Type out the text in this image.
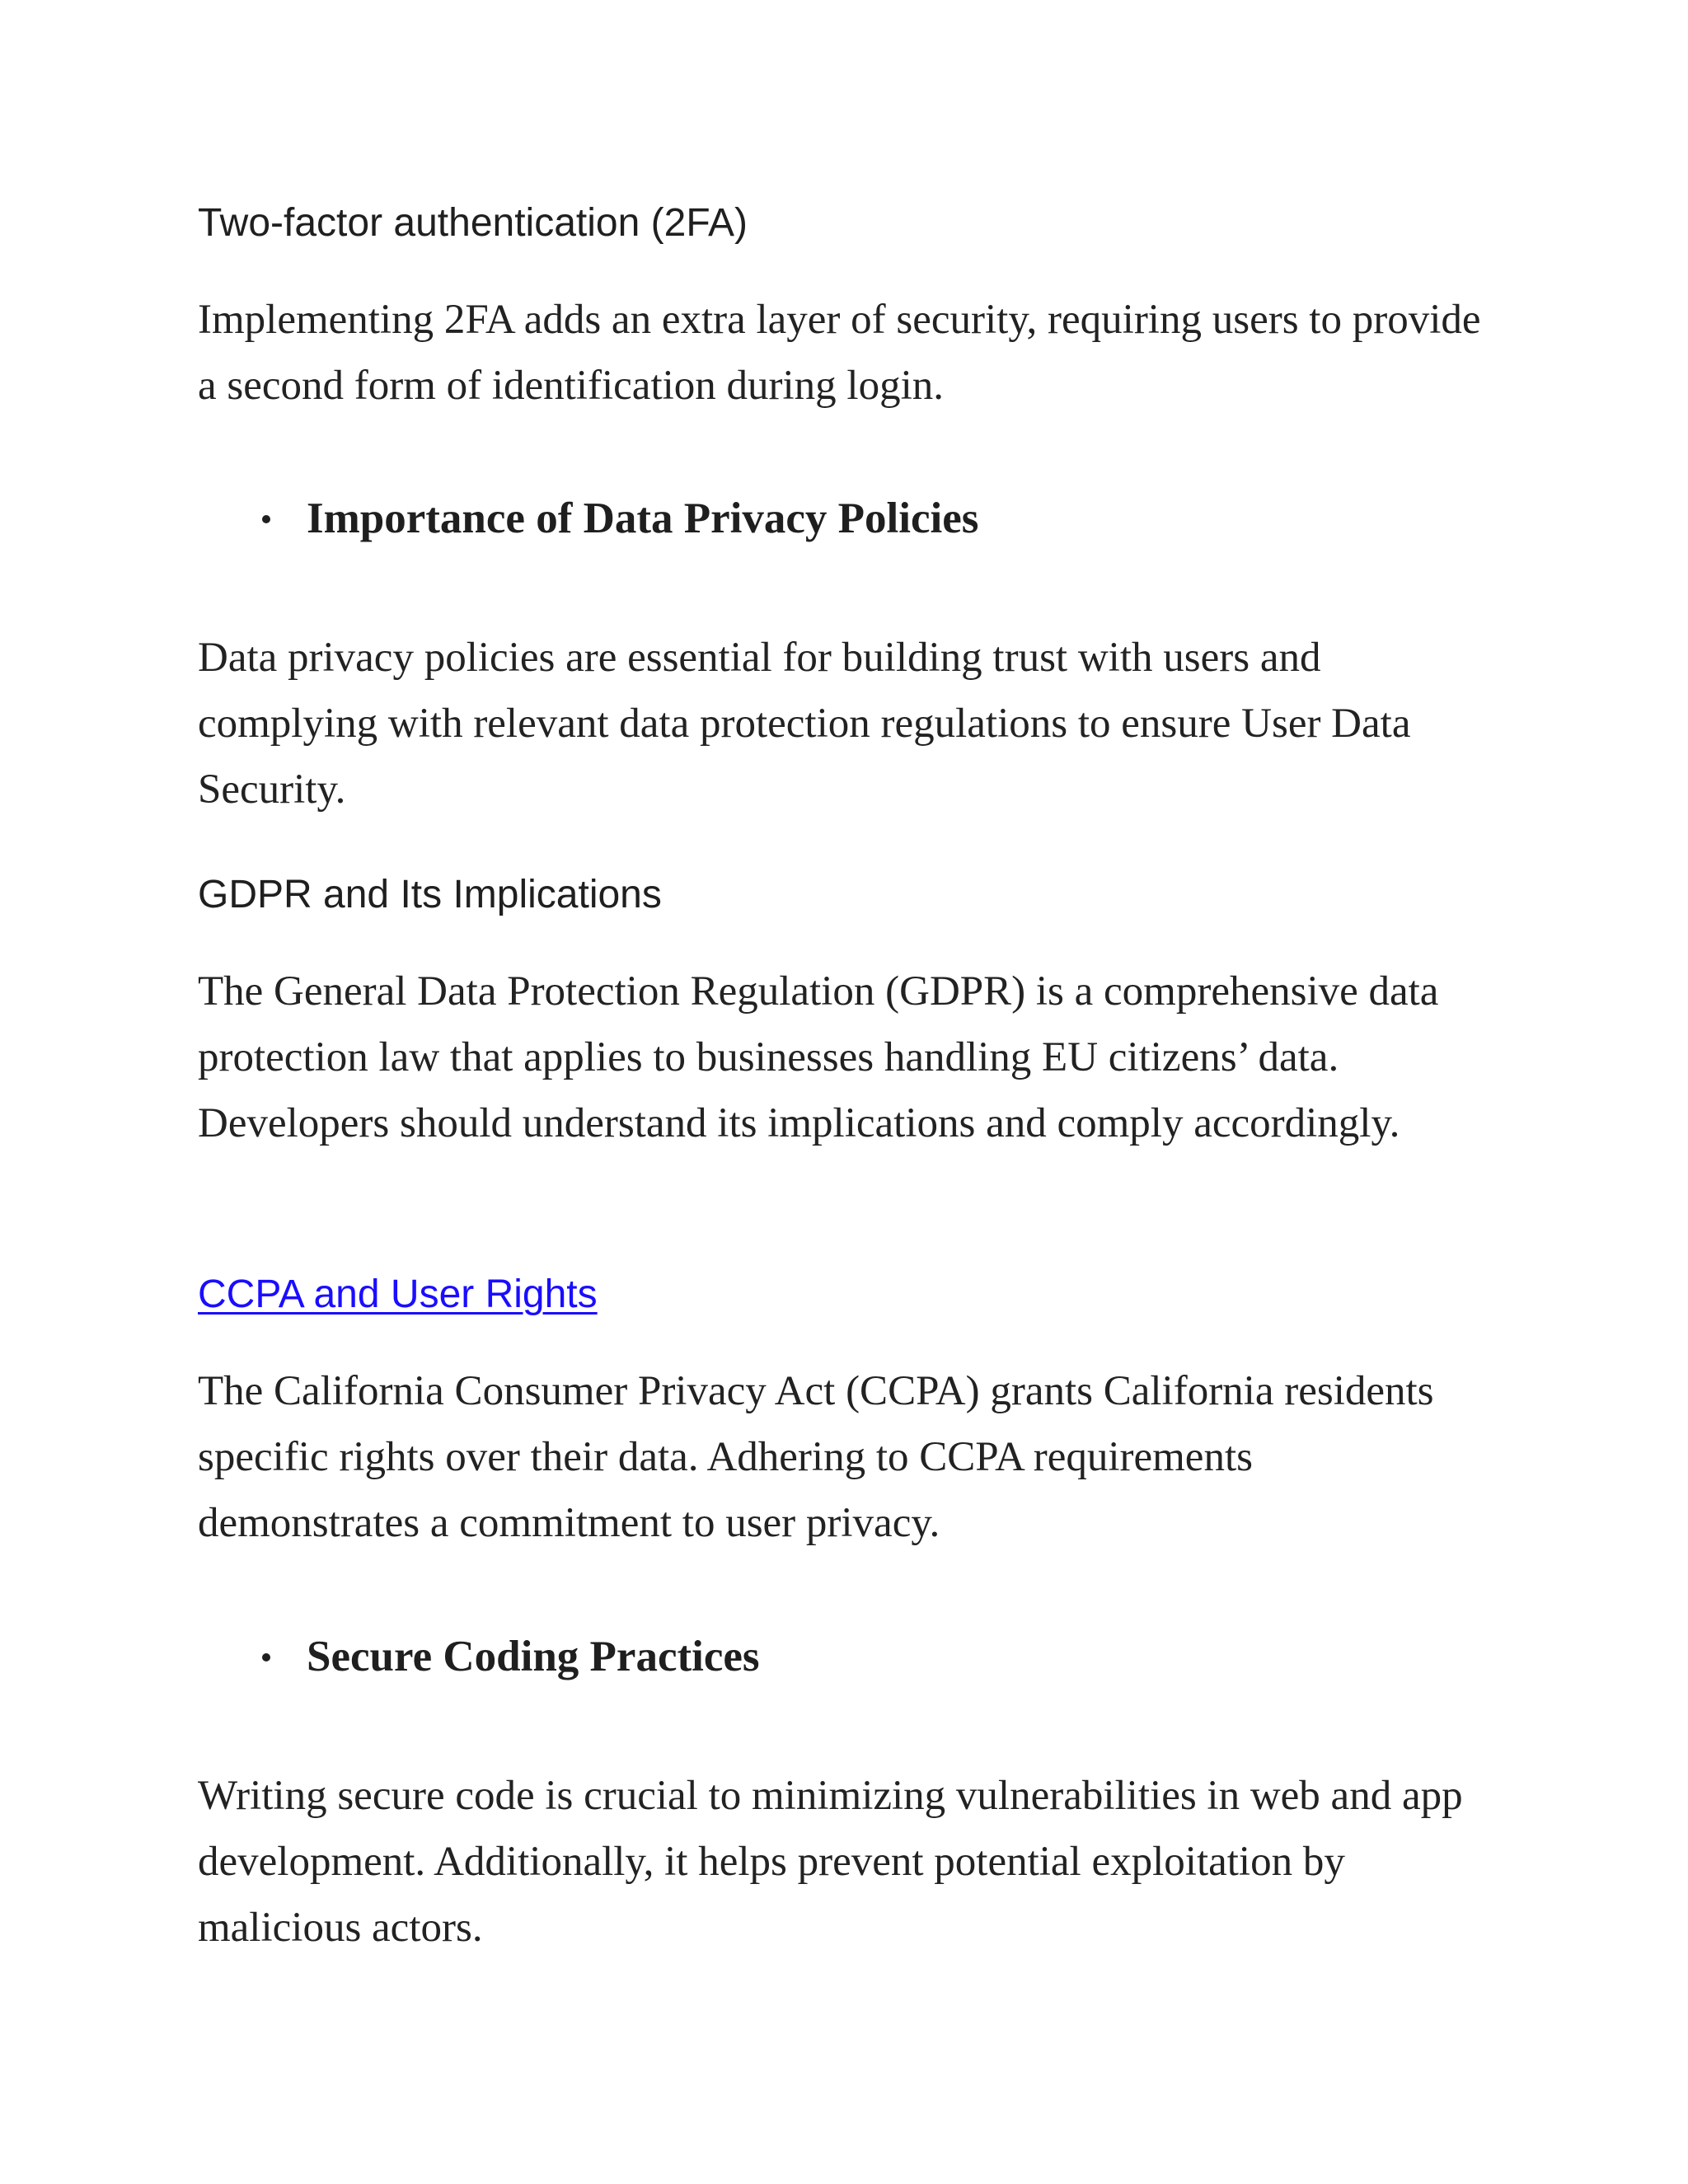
Two-factor authentication (2FA)

Implementing 2FA adds an extra layer of security, requiring users to provide a second form of identification during login.

Importance of Data Privacy Policies

Data privacy policies are essential for building trust with users and complying with relevant data protection regulations to ensure User Data Security.

GDPR and Its Implications

The General Data Protection Regulation (GDPR) is a comprehensive data protection law that applies to businesses handling EU citizens’ data. Developers should understand its implications and comply accordingly.

CCPA and User Rights

The California Consumer Privacy Act (CCPA) grants California residents specific rights over their data. Adhering to CCPA requirements demonstrates a commitment to user privacy.

Secure Coding Practices

Writing secure code is crucial to minimizing vulnerabilities in web and app development. Additionally, it helps prevent potential exploitation by malicious actors.
